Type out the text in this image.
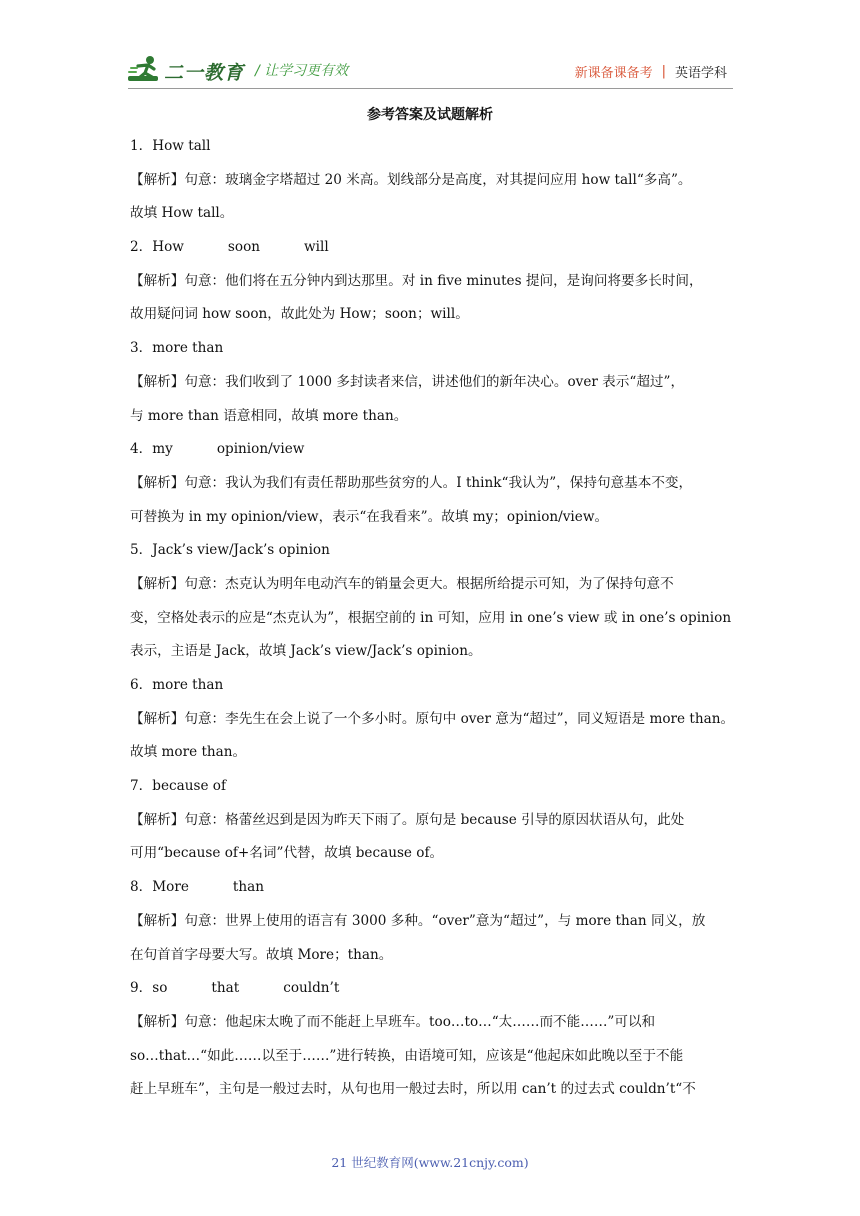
二一教育 / 让学习更有效	新课备课备考 | 英语学科
参考答案及试题解析
1．How tall
【解析】句意：玻璃金字塔超过 20 米高。划线部分是高度，对其提问应用 how tall“多高”。
故填 How tall。
2．How	soon	will
【解析】句意：他们将在五分钟内到达那里。对 in five minutes 提问，是询问将要多长时间，
故用疑问词 how soon，故此处为 How；soon；will。
3．more than
【解析】句意：我们收到了 1000 多封读者来信，讲述他们的新年决心。over 表示“超过”，
与 more than 语意相同，故填 more than。
4．my	opinion/view
【解析】句意：我认为我们有责任帮助那些贫穷的人。I think“我认为”，保持句意基本不变，
可替换为 in my opinion/view，表示“在我看来”。故填 my；opinion/view。
5．Jack’s view/Jack’s opinion
【解析】句意：杰克认为明年电动汽车的销量会更大。根据所给提示可知，为了保持句意不
变，空格处表示的应是“杰克认为”，根据空前的 in 可知，应用 in one’s view 或 in one’s opinion
表示，主语是 Jack，故填 Jack’s view/Jack’s opinion。
6．more than
【解析】句意：李先生在会上说了一个多小时。原句中 over 意为“超过”，同义短语是 more than。
故填 more than。
7．because of
【解析】句意：格蕾丝迟到是因为昨天下雨了。原句是 because 引导的原因状语从句，此处
可用“because of+名词”代替，故填 because of。
8．More	than
【解析】句意：世界上使用的语言有 3000 多种。“over”意为“超过”，与 more than 同义，放
在句首首字母要大写。故填 More；than。
9．so	that	couldn’t
【解析】句意：他起床太晚了而不能赶上早班车。too…to…“太……而不能……”可以和
so…that…“如此……以至于……”进行转换，由语境可知，应该是“他起床如此晚以至于不能
赶上早班车”，主句是一般过去时，从句也用一般过去时，所以用 can’t 的过去式 couldn’t“不
21 世纪教育网(www.21cnjy.com)
